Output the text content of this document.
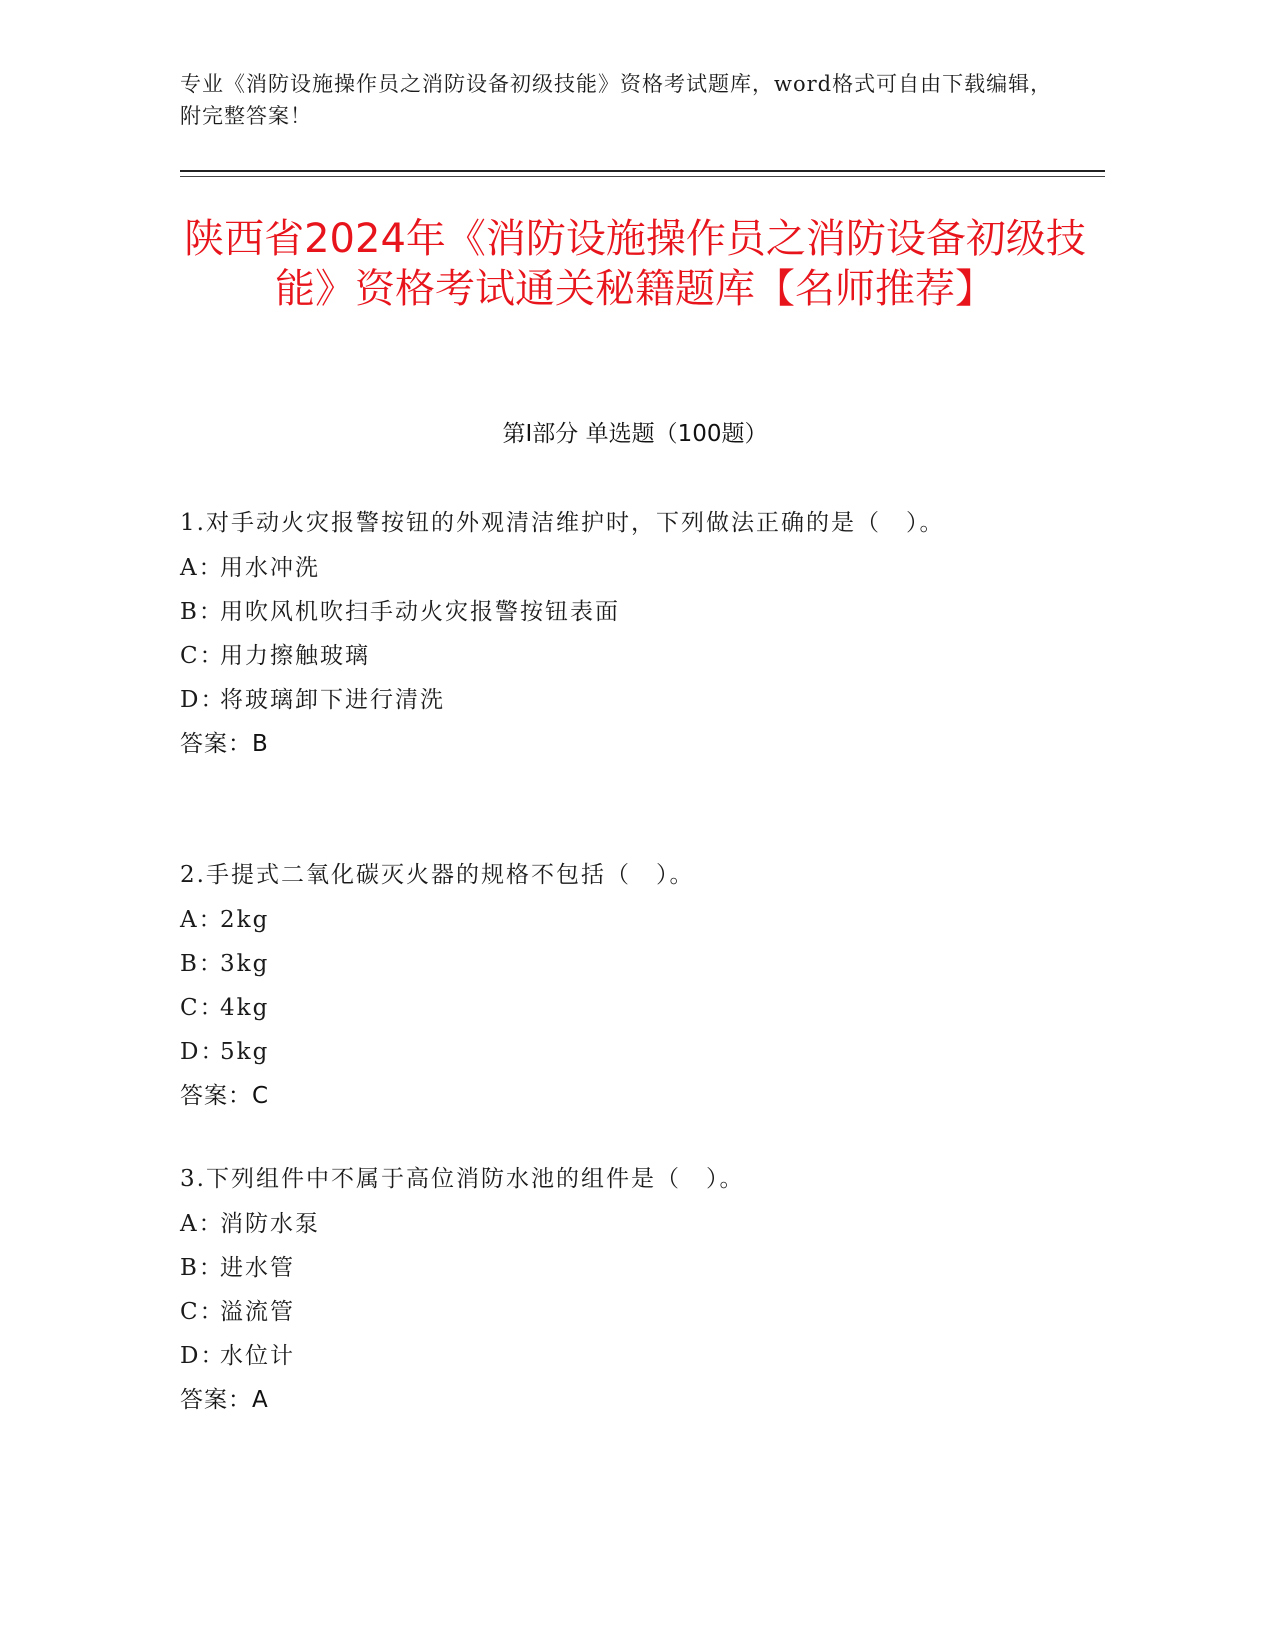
专业《消防设施操作员之消防设备初级技能》资格考试题库，word格式可自由下载编辑，附完整答案！
陕西省2024年《消防设施操作员之消防设备初级技能》资格考试通关秘籍题库【名师推荐】
第Ⅰ部分 单选题（100题）

1.对手动火灾报警按钮的外观清洁维护时，下列做法正确的是（　）。

A：用水冲洗

B：用吹风机吹扫手动火灾报警按钮表面

C：用力擦触玻璃

D：将玻璃卸下进行清洗

答案：B

2.手提式二氧化碳灭火器的规格不包括（　）。

A：2kg

B：3kg

C：4kg

D：5kg

答案：C

3.下列组件中不属于高位消防水池的组件是（　）。

A：消防水泵

B：进水管

C：溢流管

D：水位计

答案：A
